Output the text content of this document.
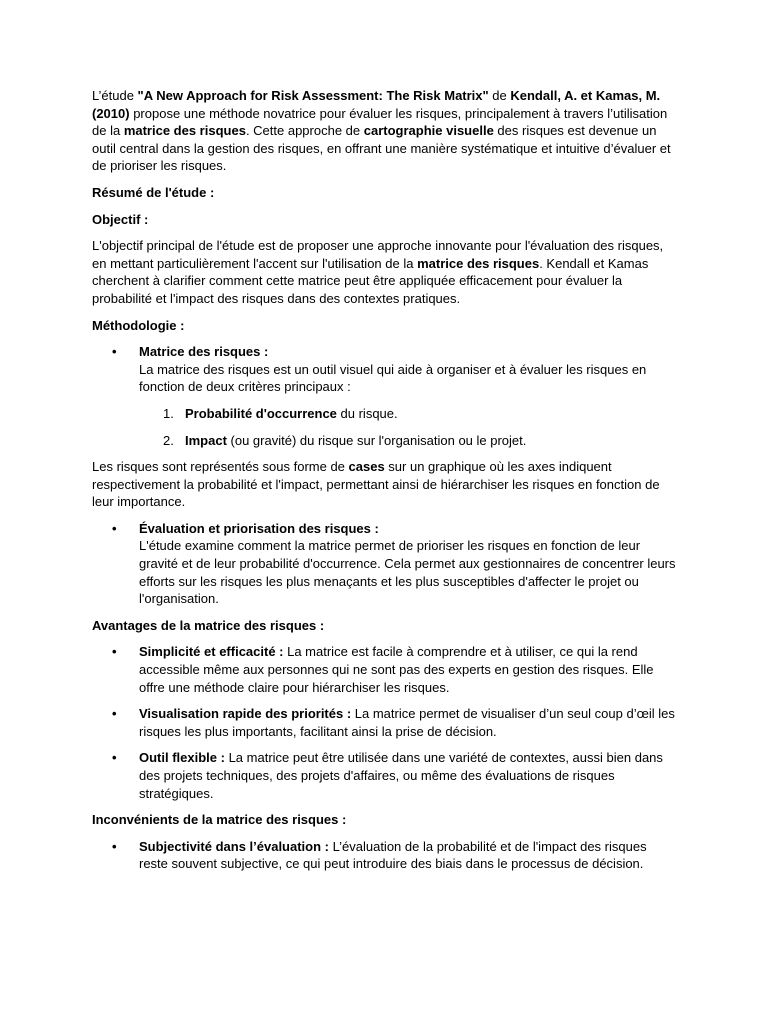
L’étude "A New Approach for Risk Assessment: The Risk Matrix" de Kendall, A. et Kamas, M. (2010) propose une méthode novatrice pour évaluer les risques, principalement à travers l’utilisation de la matrice des risques. Cette approche de cartographie visuelle des risques est devenue un outil central dans la gestion des risques, en offrant une manière systématique et intuitive d’évaluer et de prioriser les risques.

Résumé de l'étude :

Objectif :

L'objectif principal de l'étude est de proposer une approche innovante pour l'évaluation des risques, en mettant particulièrement l'accent sur l'utilisation de la matrice des risques. Kendall et Kamas cherchent à clarifier comment cette matrice peut être appliquée efficacement pour évaluer la probabilité et l'impact des risques dans des contextes pratiques.

Méthodologie :

• Matrice des risques :
La matrice des risques est un outil visuel qui aide à organiser et à évaluer les risques en fonction de deux critères principaux :
1. Probabilité d'occurrence du risque.
2. Impact (ou gravité) du risque sur l'organisation ou le projet.

Les risques sont représentés sous forme de cases sur un graphique où les axes indiquent respectivement la probabilité et l'impact, permettant ainsi de hiérarchiser les risques en fonction de leur importance.

• Évaluation et priorisation des risques :
L'étude examine comment la matrice permet de prioriser les risques en fonction de leur gravité et de leur probabilité d'occurrence. Cela permet aux gestionnaires de concentrer leurs efforts sur les risques les plus menaçants et les plus susceptibles d'affecter le projet ou l'organisation.

Avantages de la matrice des risques :

• Simplicité et efficacité : La matrice est facile à comprendre et à utiliser, ce qui la rend accessible même aux personnes qui ne sont pas des experts en gestion des risques. Elle offre une méthode claire pour hiérarchiser les risques.
• Visualisation rapide des priorités : La matrice permet de visualiser d’un seul coup d’œil les risques les plus importants, facilitant ainsi la prise de décision.
• Outil flexible : La matrice peut être utilisée dans une variété de contextes, aussi bien dans des projets techniques, des projets d'affaires, ou même des évaluations de risques stratégiques.

Inconvénients de la matrice des risques :

• Subjectivité dans l’évaluation : L’évaluation de la probabilité et de l'impact des risques reste souvent subjective, ce qui peut introduire des biais dans le processus de décision.
